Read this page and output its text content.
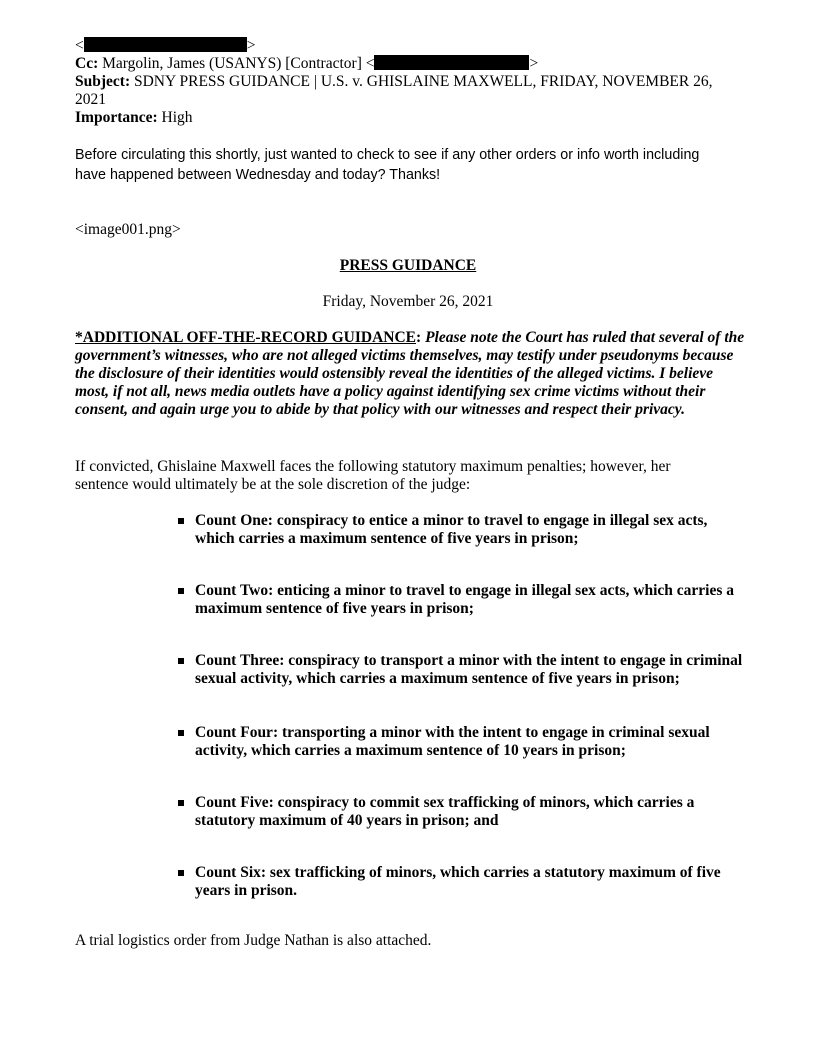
<	>
Cc: Margolin, James (USANYS) [Contractor] <	>
Subject: SDNY PRESS GUIDANCE | U.S. v. GHISLAINE MAXWELL, FRIDAY, NOVEMBER 26,
2021
Importance: High
Before circulating this shortly, just wanted to check to see if any other orders or info worth including
have happened between Wednesday and today? Thanks!
<image001.png>
PRESS GUIDANCE
Friday, November 26, 2021
*ADDITIONAL OFF-THE-RECORD GUIDANCE: Please note the Court has ruled that several of the government’s witnesses, who are not alleged victims themselves, may testify under pseudonyms because the disclosure of their identities would ostensibly reveal the identities of the alleged victims. I believe most, if not all, news media outlets have a policy against identifying sex crime victims without their consent, and again urge you to abide by that policy with our witnesses and respect their privacy.
If convicted, Ghislaine Maxwell faces the following statutory maximum penalties; however, her
sentence would ultimately be at the sole discretion of the judge:
Count One: conspiracy to entice a minor to travel to engage in illegal sex acts, which carries a maximum sentence of five years in prison;
Count Two: enticing a minor to travel to engage in illegal sex acts, which carries a maximum sentence of five years in prison;
Count Three: conspiracy to transport a minor with the intent to engage in criminal sexual activity, which carries a maximum sentence of five years in prison;
Count Four: transporting a minor with the intent to engage in criminal sexual activity, which carries a maximum sentence of 10 years in prison;
Count Five: conspiracy to commit sex trafficking of minors, which carries a statutory maximum of 40 years in prison; and
Count Six: sex trafficking of minors, which carries a statutory maximum of five years in prison.
A trial logistics order from Judge Nathan is also attached.
